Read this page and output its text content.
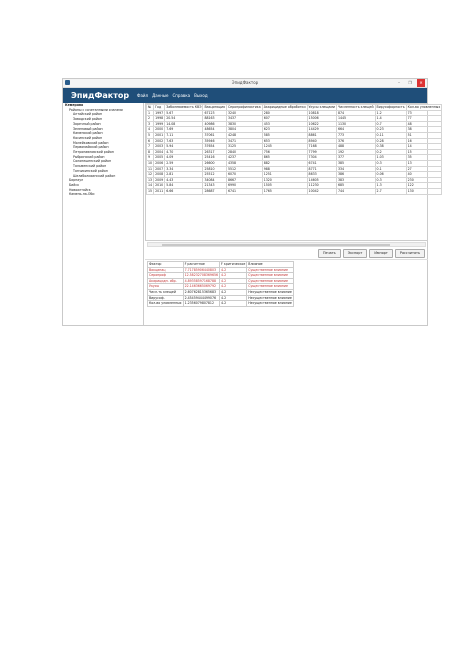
ЭпидФактор	–	❐	✕
ЭпидФактор Файл Данные Справка Выход
Кемерово
Районы с сочетанными очагами
Алтайский район
Заводский район
Заречный район
Зеленовый район
Каменский район
Косинский район
Молейковский район
Первомайский район
Петропавловский район
Рыбринский район
Солонешенский район
Тальменский район
Топчихинский район
Шелаболихинский район
Барнаул
Бийск
Новоалтайск
Камень-на-Оби
№	Год	Заболеваемость КВЭ	Вакцинация	Серопрофилактика	Акарицидные обработки	Укусы клещами	Численность клещей	Вирусофорность	Кол-во уловленных
1	1997	5.67	67123	3240	280	10818	874	1.2	73
2	1998	20.54	88163	3437	607	15006	1445	1.4	77
3	1999	14.08	40986	3830	453	10622	1130	0.7	48
4	2000	7.69	48654	3804	623	14429	664	0.23	38
5	2001	7.11	37061	4248	585	8861	773	0.11	51
6	2002	7.63	35946	3471	653	8940	376	0.28	16
7	2003	5.94	37654	3125	1245	7168	488	0.38	14
8	2004	4.70	26317	2840	756	7799	192	0.2	15
9	2005	4.09	25416	4237	865	7304	377	1.03	35
10	2006	2.59	26600	4358	882	6741	385	0.3	13
11	2007	3.34	25810	5512	988	8771	334	0.1	27
12	2008	2.81	25512	6070	1251	8633	386	0.06	40
13	2009	4.43	34084	8667	1320	14605	383	0.3	230
14	2010	5.84	21343	6990	1505	11230	685	1.3	122
15	2011	6.66	28687	6741	1765	10042	744	2.7	130
Печать	Экспорт	Импорт	Рассчитать
Фактор	F расчетное	F критическое	Влияние
Вакцинац	7.71785906440803	4.2	Существенное влияние
Серопроф	12.58232708369656	4.2	Существенное влияние
Акарицидн. обр.	4.89358597168788	4.2	Существенное влияние
Укусы	22.1463665069792	4.2	Существенное влияние
Числ-ть клещей	2.60762815365683	4.2	Несущественное влияние
Вирусоф.	2.45459444499076	4.2	Несущественное влияние
Кол-во уловленных	1.2356079807812	4.2	Несущественное влияние
